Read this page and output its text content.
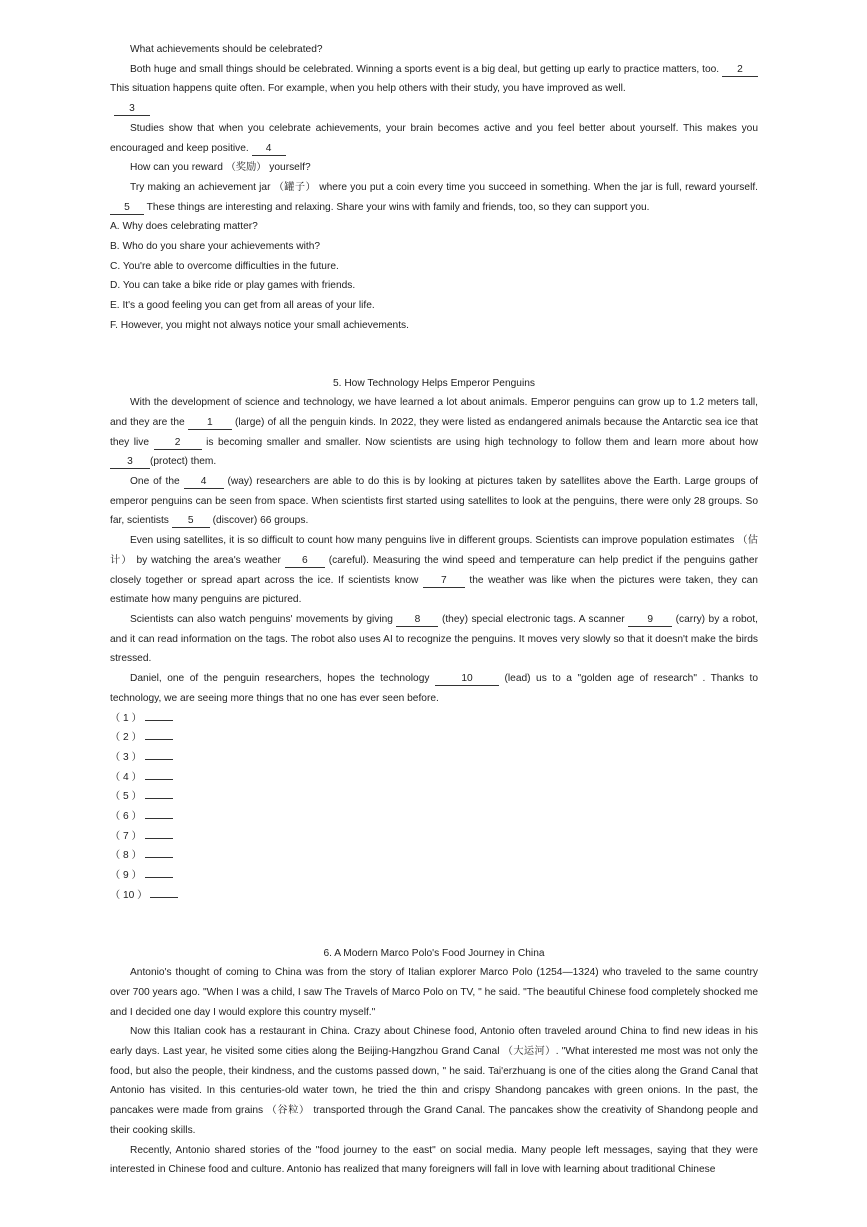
What achievements should be celebrated?

Both huge and small things should be celebrated. Winning a sports event is a big deal, but getting up early to practice matters, too. 2 This situation happens quite often. For example, when you help others with their study, you have improved as well.

3

Studies show that when you celebrate achievements, your brain becomes active and you feel better about yourself. This makes you encouraged and keep positive. 4

How can you reward （奖励） yourself?

Try making an achievement jar （罐子） where you put a coin every time you succeed in something. When the jar is full, reward yourself. 5 These things are interesting and relaxing. Share your wins with family and friends, too, so they can support you.

A. Why does celebrating matter?

B. Who do you share your achievements with?

C. You're able to overcome difficulties in the future.

D. You can take a bike ride or play games with friends.

E. It's a good feeling you can get from all areas of your life.

F. However, you might not always notice your small achievements.

5. How Technology Helps Emperor Penguins

With the development of science and technology, we have learned a lot about animals. Emperor penguins can grow up to 1.2 meters tall, and they are the 1 (large) of all the penguin kinds. In 2022, they were listed as endangered animals because the Antarctic sea ice that they live	2	is becoming smaller and smaller. Now scientists are using high technology to follow them and learn more about how 3 (protect) them.

One of the 4 (way) researchers are able to do this is by looking at pictures taken by satellites above the Earth. Large groups of emperor penguins can be seen from space. When scientists first started using satellites to look at the penguins, there were only 28 groups. So far, scientists 5 (discover) 66 groups.

Even using satellites, it is so difficult to count how many penguins live in different groups. Scientists can improve population estimates （估计） by watching the area's weather 6 (careful). Measuring the wind speed and temperature can help predict if the penguins gather closely together or spread apart across the ice. If scientists know 7 the weather was like when the pictures were taken, they can estimate how many penguins are pictured.

Scientists can also watch penguins' movements by giving 8 (they) special electronic tags. A scanner 9 (carry) by a robot, and it can read information on the tags. The robot also uses AI to recognize the penguins. It moves very slowly so that it doesn't make the birds stressed.

Daniel, one of the penguin researchers, hopes the technology	10	(lead) us to a "golden age of research" . Thanks to technology, we are seeing more things that no one has ever seen before.

（ 1 ）

（ 2 ）

（ 3 ）

（ 4 ）

（ 5 ）

（ 6 ）

（ 7 ）

（ 8 ）

（ 9 ）

（ 10 ）

6. A Modern Marco Polo's Food Journey in China

Antonio's thought of coming to China was from the story of Italian explorer Marco Polo (1254—1324) who traveled to the same country over 700 years ago. "When I was a child, I saw The Travels of Marco Polo on TV, " he said. "The beautiful Chinese food completely shocked me and I decided one day I would explore this country myself."

Now this Italian cook has a restaurant in China. Crazy about Chinese food, Antonio often traveled around China to find new ideas in his early days. Last year, he visited some cities along the Beijing-Hangzhou Grand Canal （大运河）. "What interested me most was not only the food, but also the people, their kindness, and the customs passed down, " he said. Tai'erzhuang is one of the cities along the Grand Canal that Antonio has visited. In this centuries-old water town, he tried the thin and crispy Shandong pancakes with green onions. In the past, the pancakes were made from grains （谷粒） transported through the Grand Canal. The pancakes show the creativity of Shandong people and their cooking skills.

Recently, Antonio shared stories of the "food journey to the east" on social media. Many people left messages, saying that they were interested in Chinese food and culture. Antonio has realized that many foreigners will fall in love with learning about traditional Chinese
